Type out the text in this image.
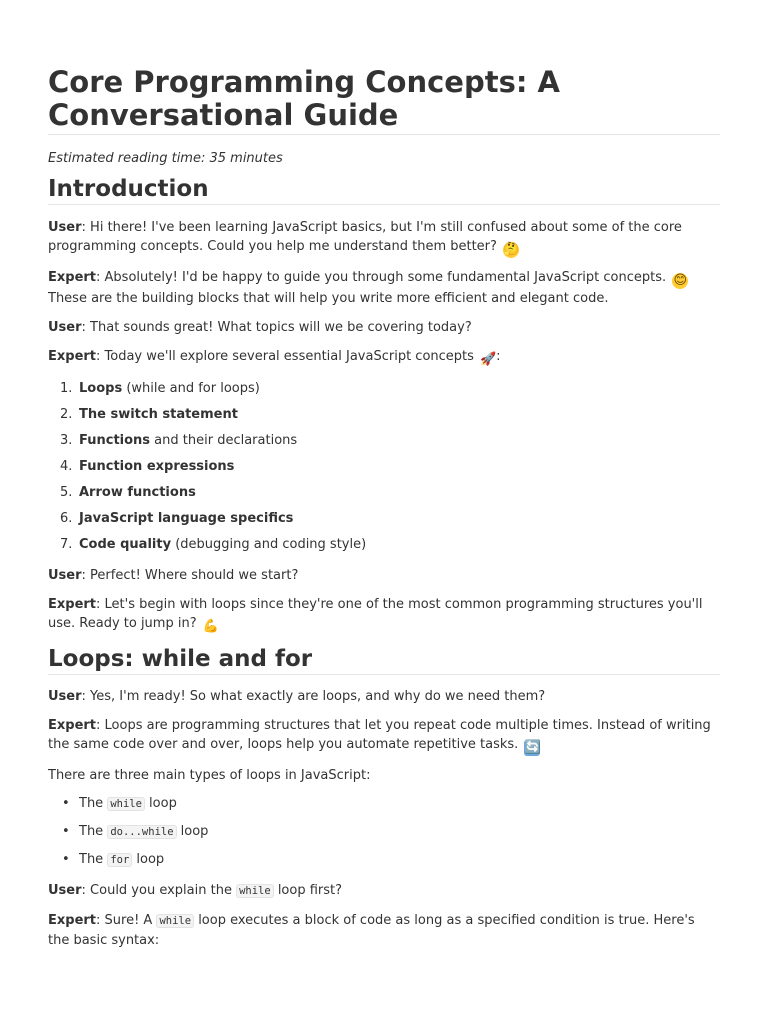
Core Programming Concepts: A Conversational Guide

Estimated reading time: 35 minutes

Introduction

User: Hi there! I've been learning JavaScript basics, but I'm still confused about some of the core programming concepts. Could you help me understand them better? 🤔

Expert: Absolutely! I'd be happy to guide you through some fundamental JavaScript concepts. 😊 These are the building blocks that will help you write more efficient and elegant code.

User: That sounds great! What topics will we be covering today?

Expert: Today we'll explore several essential JavaScript concepts 🚀:

1. Loops (while and for loops)
2. The switch statement
3. Functions and their declarations
4. Function expressions
5. Arrow functions
6. JavaScript language specifics
7. Code quality (debugging and coding style)

User: Perfect! Where should we start?

Expert: Let's begin with loops since they're one of the most common programming structures you'll use. Ready to jump in? 💪

Loops: while and for

User: Yes, I'm ready! So what exactly are loops, and why do we need them?

Expert: Loops are programming structures that let you repeat code multiple times. Instead of writing the same code over and over, loops help you automate repetitive tasks. 🔄

There are three main types of loops in JavaScript:

• The while loop
• The do...while loop
• The for loop

User: Could you explain the while loop first?

Expert: Sure! A while loop executes a block of code as long as a specified condition is true. Here's the basic syntax:
